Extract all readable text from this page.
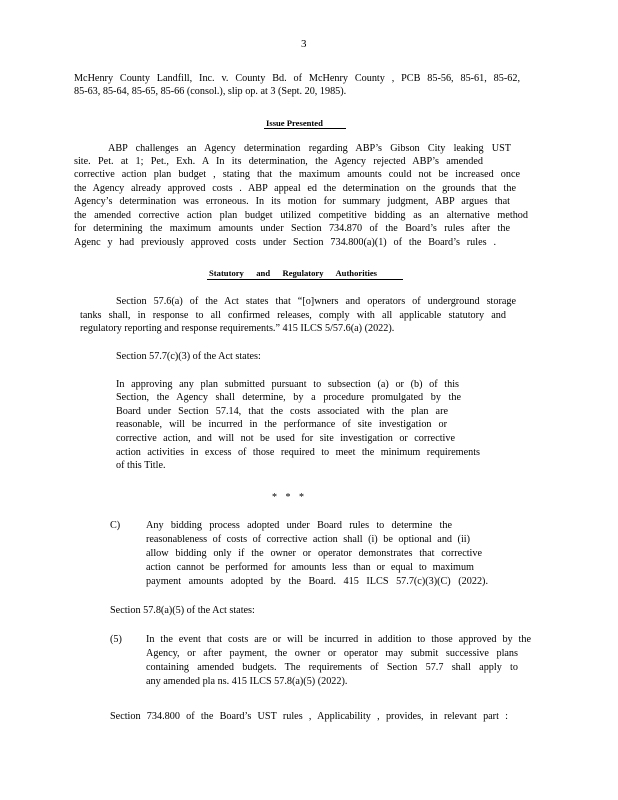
3
McHenry County Landfill, Inc. v. County Bd. of McHenry County , PCB 85-56, 85-61, 85-62,
85-63, 85-64, 85-65, 85-66 (consol.), slip op. at 3 (Sept. 20, 1985).
Issue Presented
ABP challenges an Agency determination regarding ABP’s Gibson City leaking UST
site. Pet. at 1; Pet., Exh. A In its determination, the Agency rejected ABP’s amended
corrective action plan budget , stating that the maximum amounts could not be increased once
the Agency already approved costs . ABP appeal ed the determination on the grounds that the
Agency’s determination was erroneous. In its motion for summary judgment, ABP argues that
the amended corrective action plan budget utilized competitive bidding as an alternative method
for determining the maximum amounts under Section 734.870 of the Board’s rules after the
Agenc y had previously approved costs under Section 734.800(a)(1) of the Board’s rules .
Statutory and Regulatory Authorities
Section 57.6(a) of the Act states that “[o]wners and operators of underground storage
tanks shall, in response to all confirmed releases, comply with all applicable statutory and
regulatory reporting and response requirements.” 415 ILCS 5/57.6(a) (2022).
Section 57.7(c)(3) of the Act states:
In approving any plan submitted pursuant to subsection (a) or (b) of this
Section, the Agency shall determine, by a procedure promulgated by the
Board under Section 57.14, that the costs associated with the plan are
reasonable, will be incurred in the performance of site investigation or
corrective action, and will not be used for site investigation or corrective
action activities in excess of those required to meet the minimum requirements
of this Title.
* * *
C)	Any bidding process adopted under Board rules to determine the
reasonableness of costs of corrective action shall (i) be optional and (ii)
allow bidding only if the owner or operator demonstrates that corrective
action cannot be performed for amounts less than or equal to maximum
payment amounts adopted by the Board. 415 ILCS 57.7(c)(3)(C) (2022).
Section 57.8(a)(5) of the Act states:
(5) In the event that costs are or will be incurred in addition to those approved by the
Agency, or after payment, the owner or operator may submit successive plans
containing amended budgets. The requirements of Section 57.7 shall apply to
any amended pla ns. 415 ILCS 57.8(a)(5) (2022).
Section 734.800 of the Board’s UST rules , Applicability , provides, in relevant part :
